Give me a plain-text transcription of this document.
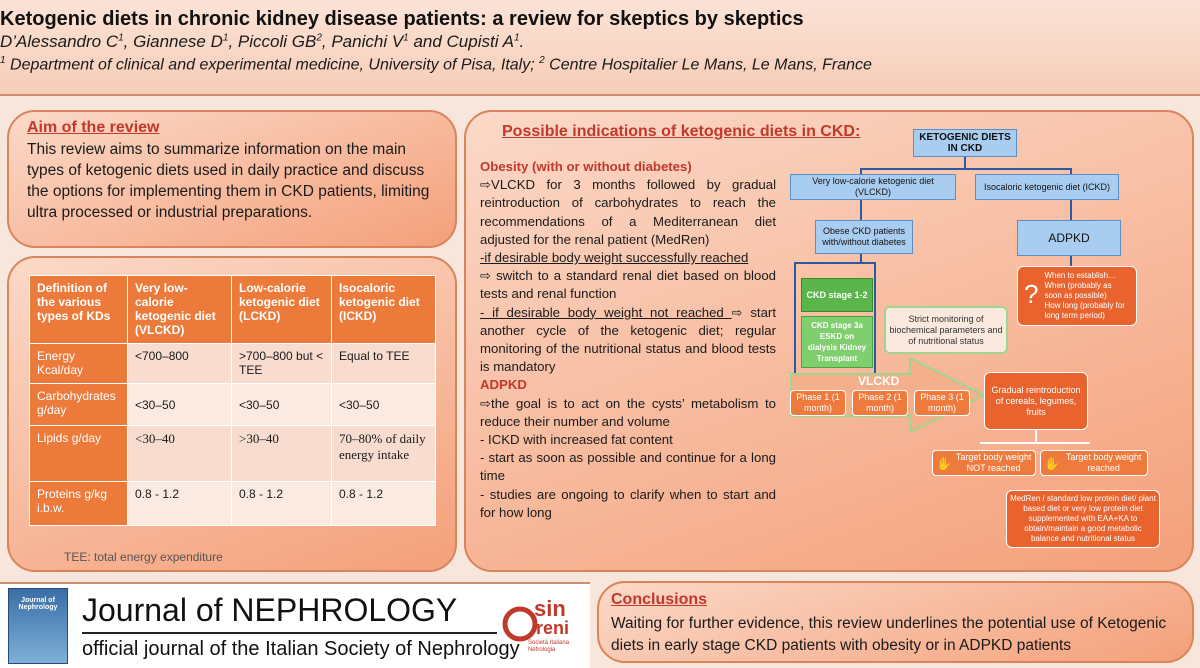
Ketogenic diets in chronic kidney disease patients: a review for skeptics by skeptics
D’Alessandro $C^1$, Giannese $D^1$, Piccoli $GB^2$, Panichi $V^1$ and Cupisti $A^1$.
$^1$ Department of clinical and experimental medicine, University of Pisa, Italy; $^2$ Centre Hospitalier Le Mans, Le Mans, France
Aim of the review
This review aims to summarize information on the main types of ketogenic diets used in daily practice and discuss the options for implementing them in CKD patients, limiting ultra processed or industrial preparations.
Definition of the various types of KDs	Very low-calorie ketogenic diet (VLCKD)	Low-calorie ketogenic diet (LCKD)	Isocaloric ketogenic diet (ICKD)
Energy Kcal/day	<700–800	>700–800 but < TEE	Equal to TEE
Carbohydrates g/day	<30–50	<30–50	<30–50
Lipids g/day	<30–40	>30–40	70–80% of daily energy intake
Proteins g/kg i.b.w.	0.8 - 1.2	0.8 - 1.2	0.8 - 1.2
TEE: total energy expenditure
Possible indications of ketogenic diets in CKD:
Obesity (with or without diabetes)
⇨VLCKD for 3 months followed by gradual reintroduction of carbohydrates to reach the recommendations of a Mediterranean diet adjusted for the renal patient (MedRen)
-if desirable body weight successfully reached
⇨ switch to a standard renal diet based on blood tests and renal function
- if desirable body weight not reached ⇨ start another cycle of the ketogenic diet; regular monitoring of the nutritional status and blood tests is mandatory
ADPKD
⇨the goal is to act on the cysts’ metabolism to reduce their number and volume
- ICKD with increased fat content
- start as soon as possible and continue for a long time
- studies are ongoing to clarify when to start and for how long
KETOGENIC DIETS IN CKD
Very low-calorie ketogenic diet (VLCKD)
Isocaloric ketogenic diet (ICKD)
Obese CKD patients with/without diabetes	ADPKD
CKD stage 1-2
CKD stage 3a ESKD on dialysis Kidney Transplant
Strict monitoring of biochemical parameters and of nutritional status
?
When to establish…
When (probably as soon as possible)
How long (probably for long term period)
VLCKD
Phase 1 (1 month)
Phase 2 (1 month)
Phase 3 (1 month)
Gradual reintroduction of cereals, legumes, fruits
✋ Target body weight NOT reached	✋ Target body weight reached
MedRen / standard low protein diet/ plant based diet or very low protein diet supplemented with EAA+KA to obtain/maintain a good metabolic balance and nutritional status
Journal of Nephrology Journal of NEPHROLOGY
official journal of the Italian Society of Nephrology
sin
reni
Società Italiana Nefrologia
Conclusions
Waiting for further evidence, this review underlines the potential use of Ketogenic diets in early stage CKD patients with obesity or in ADPKD patients
